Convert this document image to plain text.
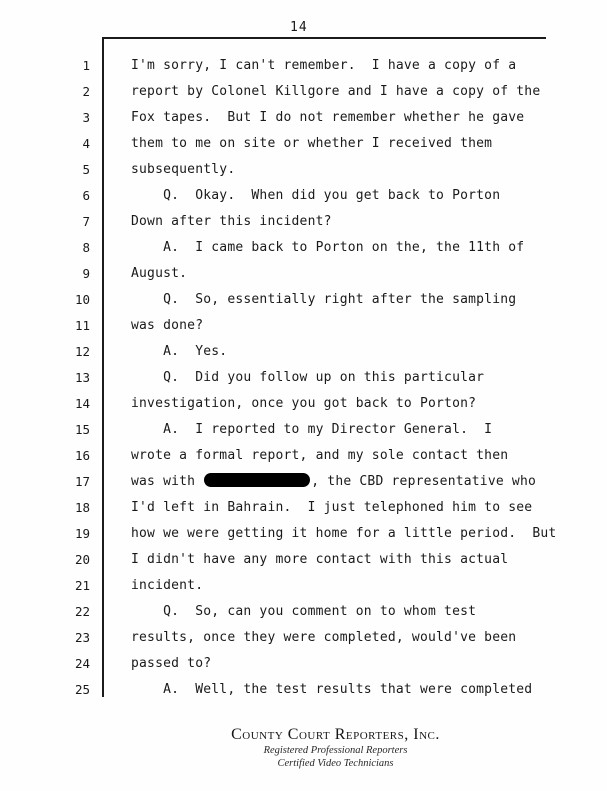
14
1	I'm sorry, I can't remember.  I have a copy of a
2	report by Colonel Killgore and I have a copy of the
3	Fox tapes.  But I do not remember whether he gave
4	them to me on site or whether I received them
5	subsequently.
6	Q.  Okay.  When did you get back to Porton
7	Down after this incident?
8	A.  I came back to Porton on the, the 11th of
9	August.
10	Q.  So, essentially right after the sampling
11	was done?
12	A.  Yes.
13	Q.  Did you follow up on this particular
14	investigation, once you got back to Porton?
15	A.  I reported to my Director General.  I
16	wrote a formal report, and my sole contact then
17	was with	, the CBD representative who
18	I'd left in Bahrain.  I just telephoned him to see
19	how we were getting it home for a little period.  But
20	I didn't have any more contact with this actual
21	incident.
22	Q.  So, can you comment on to whom test
23	results, once they were completed, would've been
24	passed to?
25	A.  Well, the test results that were completed
County Court Reporters, Inc.
Registered Professional Reporters
Certified Video Technicians
